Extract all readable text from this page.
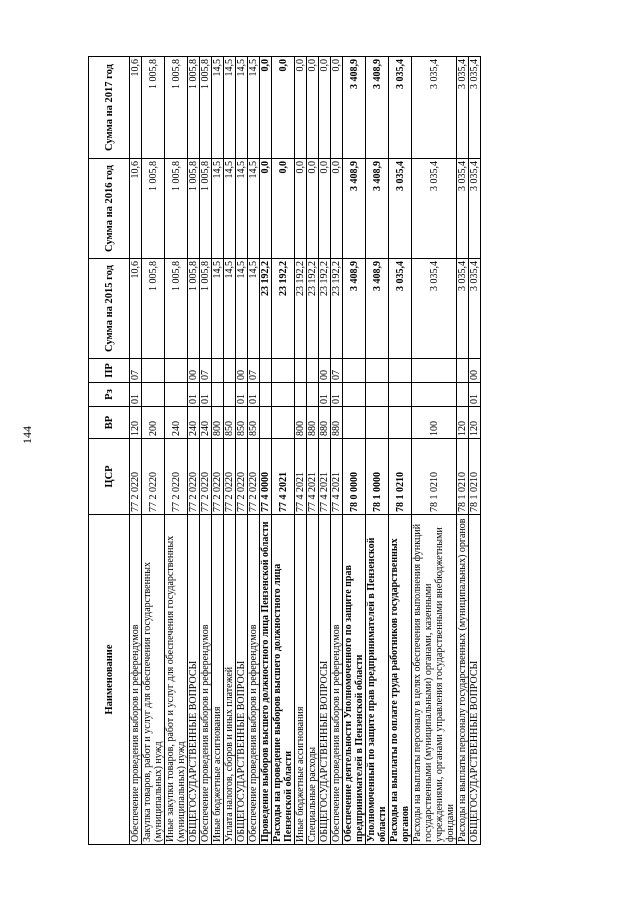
144
Наименование	ЦСР	ВР	Рз	ПР	Сумма на 2015 год	Сумма на 2016 год	Сумма на 2017 год
Обеспечение проведения выборов и референдумов	77 2 0220	120	01	07	10,6	10,6	10,6
Закупка товаров, работ и услуг для обеспечения государственных (муниципальных) нужд	77 2 0220	200			1 005,8	1 005,8	1 005,8
Иные закупки товаров, работ и услуг для обеспечения государственных (муниципальных) нужд	77 2 0220	240			1 005,8	1 005,8	1 005,8
ОБЩЕГОСУДАРСТВЕННЫЕ ВОПРОСЫ	77 2 0220	240	01	00	1 005,8	1 005,8	1 005,8
Обеспечение проведения выборов и референдумов	77 2 0220	240	01	07	1 005,8	1 005,8	1 005,8
Иные бюджетные ассигнования	77 2 0220	800			14,5	14,5	14,5
Уплата налогов, сборов и иных платежей	77 2 0220	850			14,5	14,5	14,5
ОБЩЕГОСУДАРСТВЕННЫЕ ВОПРОСЫ	77 2 0220	850	01	00	14,5	14,5	14,5
Обеспечение проведения выборов и референдумов	77 2 0220	850	01	07	14,5	14,5	14,5
Проведение выборов высшего должностного лица Пензенской области	77 4 0000				23 192,2	0,0	0,0
Расходы на проведение выборов высшего должностного лица Пензенской области	77 4 2021				23 192,2	0,0	0,0
Иные бюджетные ассигнования	77 4 2021	800			23 192,2	0,0	0,0
Специальные расходы	77 4 2021	880			23 192,2	0,0	0,0
ОБЩЕГОСУДАРСТВЕННЫЕ ВОПРОСЫ	77 4 2021	880	01	00	23 192,2	0,0	0,0
Обеспечение проведения выборов и референдумов	77 4 2021	880	01	07	23 192,2	0,0	0,0
Обеспечение деятельности Уполномоченного по защите прав предпринимателей в Пензенской области	78 0 0000				3 408,9	3 408,9	3 408,9
Уполномоченный по защите прав предпринимателей в Пензенской области	78 1 0000				3 408,9	3 408,9	3 408,9
Расходы на выплаты по оплате труда работников государственных органов	78 1 0210				3 035,4	3 035,4	3 035,4
Расходы на выплаты персоналу в целях обеспечения выполнения функций государственными (муниципальными) органами, казенными учреждениями, органами управления государственными внебюджетными фондами	78 1 0210	100			3 035,4	3 035,4	3 035,4
Расходы на выплаты персоналу государственных (муниципальных) органов	78 1 0210	120			3 035,4	3 035,4	3 035,4
ОБЩЕГОСУДАРСТВЕННЫЕ ВОПРОСЫ	78 1 0210	120	01	00	3 035,4	3 035,4	3 035,4
